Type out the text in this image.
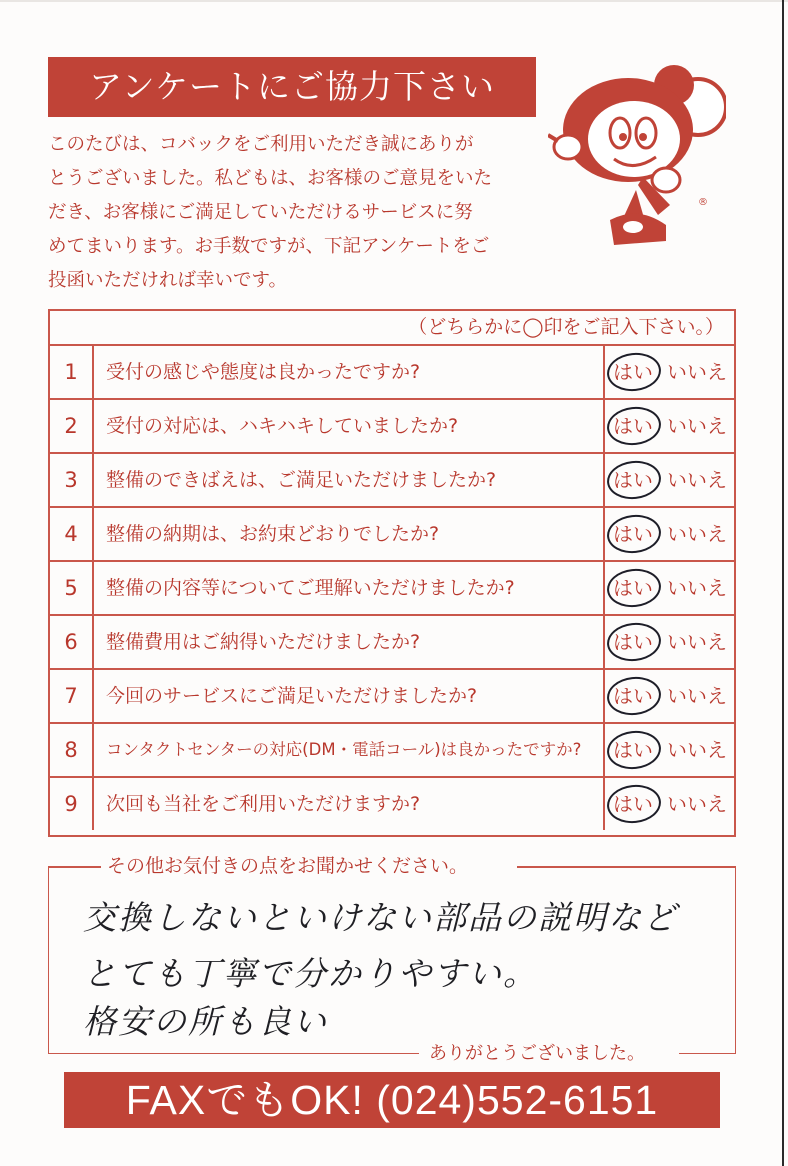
アンケートにご協力下さい
このたびは、コバックをご利用いただき誠にありが
とうございました。私どもは、お客様のご意見をいた
だき、お客様にご満足していただけるサービスに努
めてまいります。お手数ですが、下記アンケートをご
投函いただければ幸いです。
®
（どちらかに◯印をご記入下さい。）
1	受付の感じや態度は良かったですか?	はい いいえ
2	受付の対応は、ハキハキしていましたか?	はい いいえ
3	整備のできばえは、ご満足いただけましたか?	はい いいえ
4	整備の納期は、お約束どおりでしたか?	はい いいえ
5	整備の内容等についてご理解いただけましたか?	はい いいえ
6	整備費用はご納得いただけましたか?	はい いいえ
7	今回のサービスにご満足いただけましたか?	はい いいえ
8	コンタクトセンターの対応(DM・電話コール)は良かったですか? はい いいえ
9	次回も当社をご利用いただけますか?	はい いいえ
その他お気付きの点をお聞かせください。
交換しないといけない部品の説明など
とても丁寧で分かりやすい。
格安の所も良い
ありがとうございました。
FAXでもOK! (024)552-6151
